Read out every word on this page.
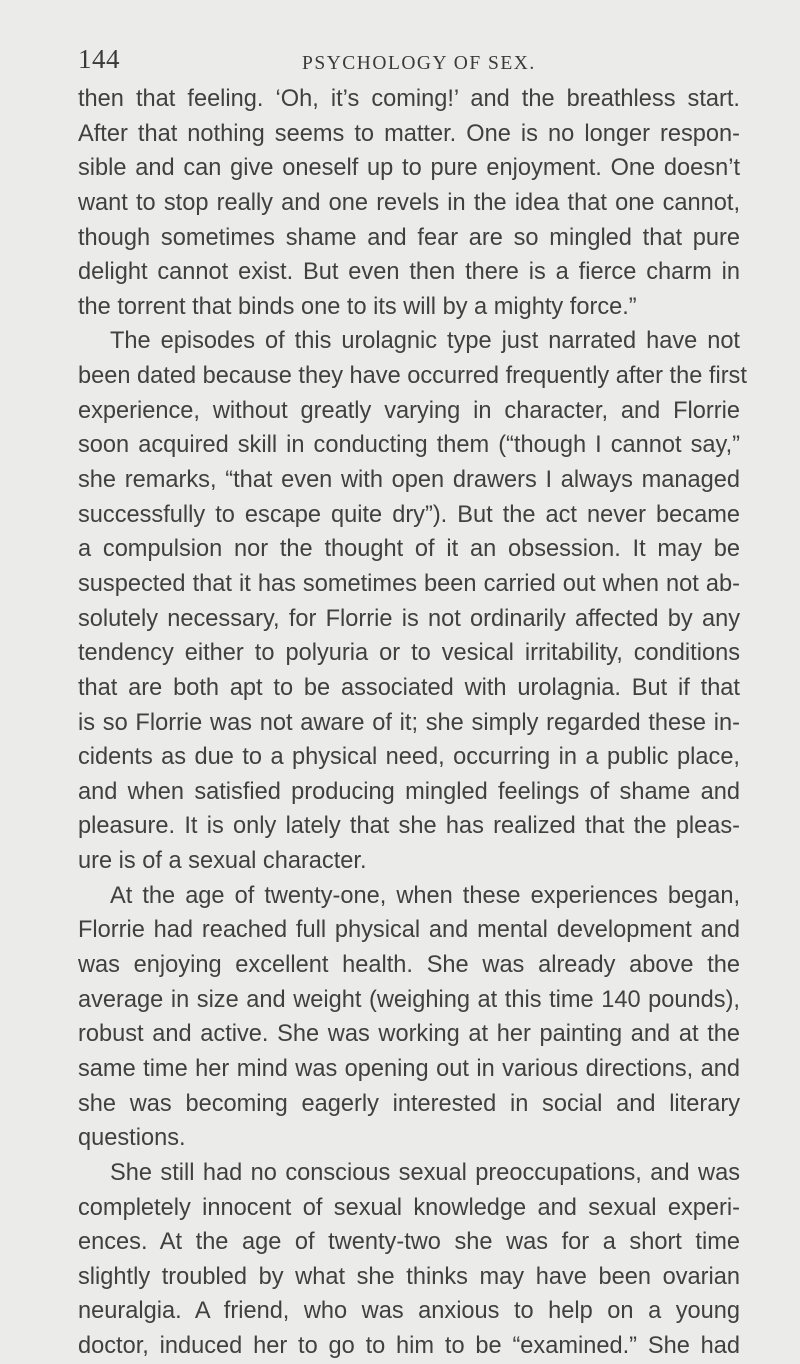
144	PSYCHOLOGY OF SEX.
then that feeling. ‘Oh, it’s coming!’ and the breathless start.
After that nothing seems to matter. One is no longer respon-
sible and can give oneself up to pure enjoyment. One doesn’t
want to stop really and one revels in the idea that one cannot,
though sometimes shame and fear are so mingled that pure
delight cannot exist. But even then there is a fierce charm in
the torrent that binds one to its will by a mighty force.”
The episodes of this urolagnic type just narrated have not
been dated because they have occurred frequently after the first
experience, without greatly varying in character, and Florrie
soon acquired skill in conducting them (“though I cannot say,”
she remarks, “that even with open drawers I always managed
successfully to escape quite dry”). But the act never became
a compulsion nor the thought of it an obsession. It may be
suspected that it has sometimes been carried out when not ab-
solutely necessary, for Florrie is not ordinarily affected by any
tendency either to polyuria or to vesical irritability, conditions
that are both apt to be associated with urolagnia. But if that
is so Florrie was not aware of it; she simply regarded these in-
cidents as due to a physical need, occurring in a public place,
and when satisfied producing mingled feelings of shame and
pleasure. It is only lately that she has realized that the pleas-
ure is of a sexual character.
At the age of twenty-one, when these experiences began,
Florrie had reached full physical and mental development and
was enjoying excellent health. She was already above the
average in size and weight (weighing at this time 140 pounds),
robust and active. She was working at her painting and at the
same time her mind was opening out in various directions, and
she was becoming eagerly interested in social and literary
questions.
She still had no conscious sexual preoccupations, and was
completely innocent of sexual knowledge and sexual experi-
ences. At the age of twenty-two she was for a short time
slightly troubled by what she thinks may have been ovarian
neuralgia. A friend, who was anxious to help on a young
doctor, induced her to go to him to be “examined.” She had
